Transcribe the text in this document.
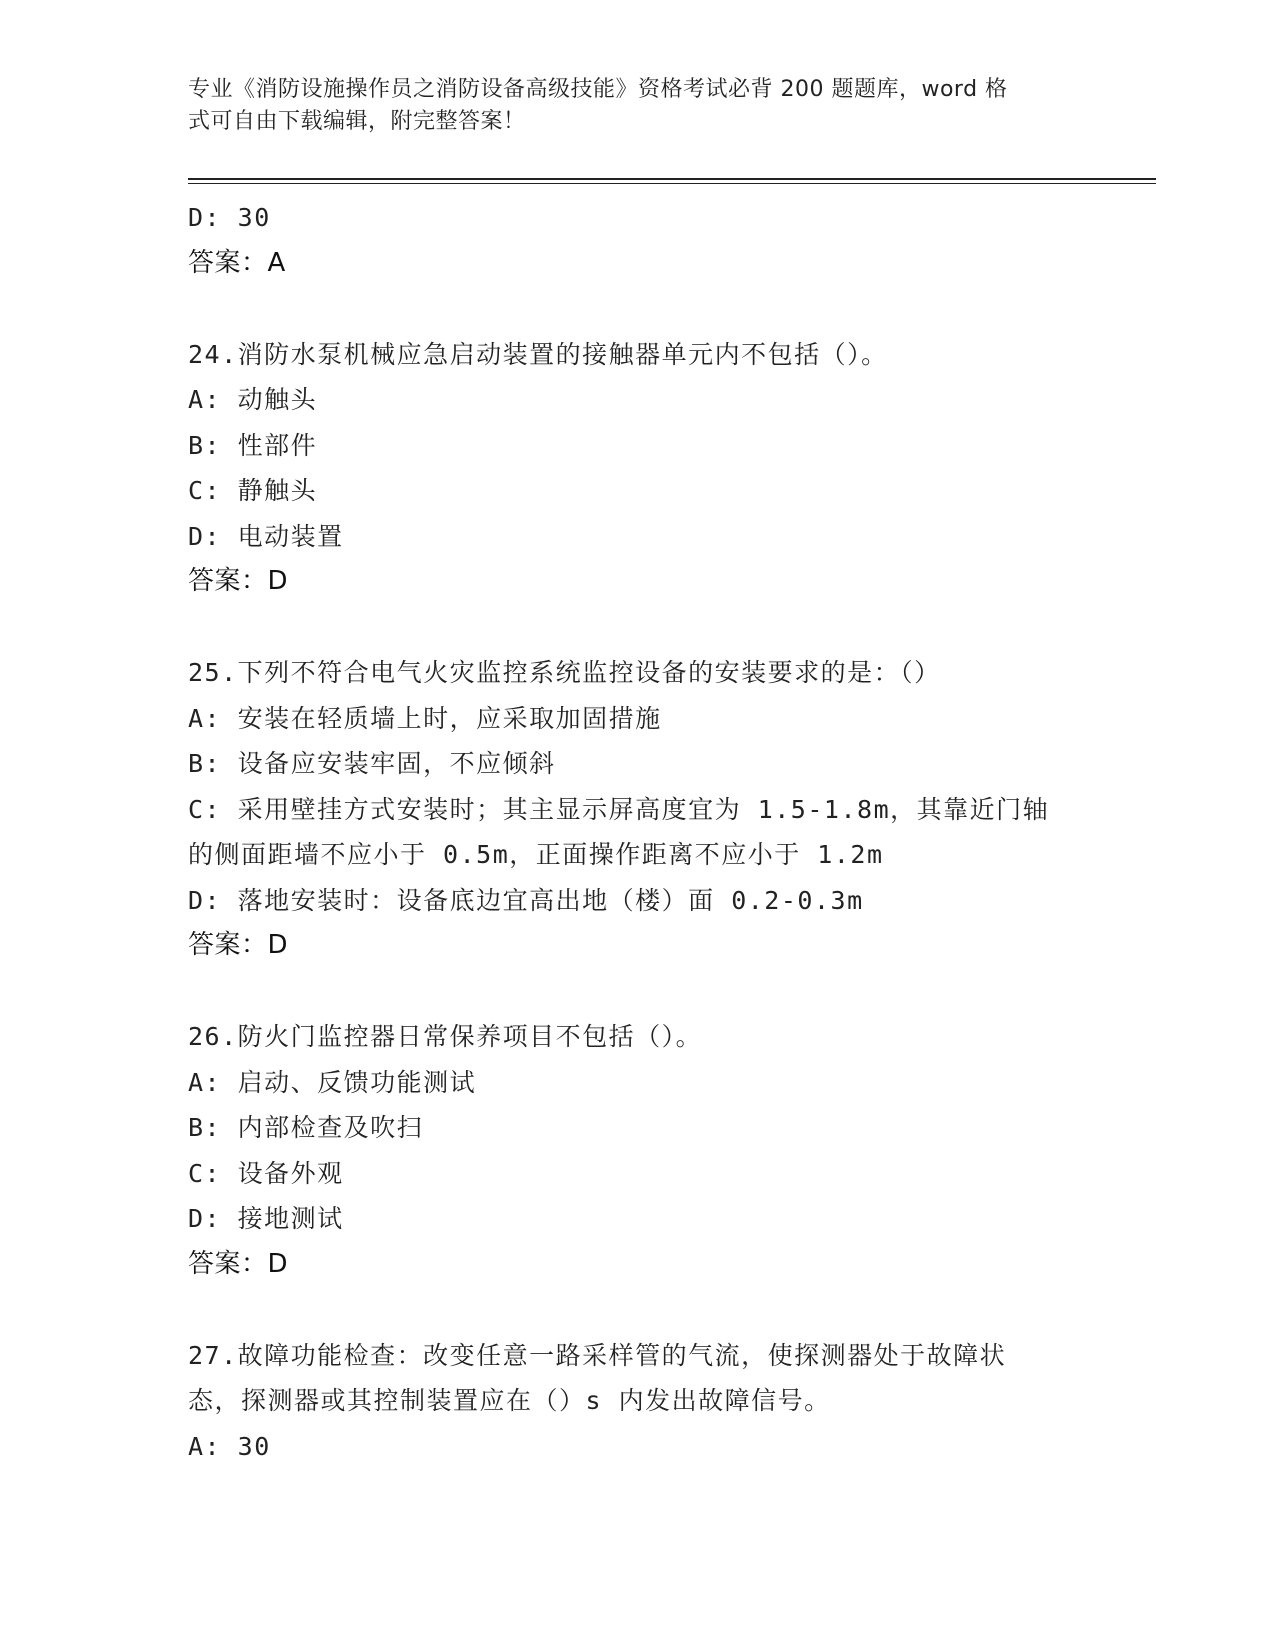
专业《消防设施操作员之消防设备高级技能》资格考试必背 200 题题库，word 格
式可自由下载编辑，附完整答案！
D: 30
答案：A
24.消防水泵机械应急启动装置的接触器单元内不包括（）。
A: 动触头
B: 性部件
C: 静触头
D: 电动装置
答案：D
25.下列不符合电气火灾监控系统监控设备的安装要求的是：（）
A: 安装在轻质墙上时，应采取加固措施
B: 设备应安装牢固，不应倾斜
C: 采用壁挂方式安装时；其主显示屏高度宜为 1.5-1.8m，其靠近门轴
的侧面距墙不应小于 0.5m，正面操作距离不应小于 1.2m
D: 落地安装时：设备底边宜高出地（楼）面 0.2-0.3m
答案：D
26.防火门监控器日常保养项目不包括（）。
A: 启动、反馈功能测试
B: 内部检查及吹扫
C: 设备外观
D: 接地测试
答案：D
27.故障功能检查：改变任意一路采样管的气流，使探测器处于故障状
态，探测器或其控制装置应在（）s 内发出故障信号。
A: 30
